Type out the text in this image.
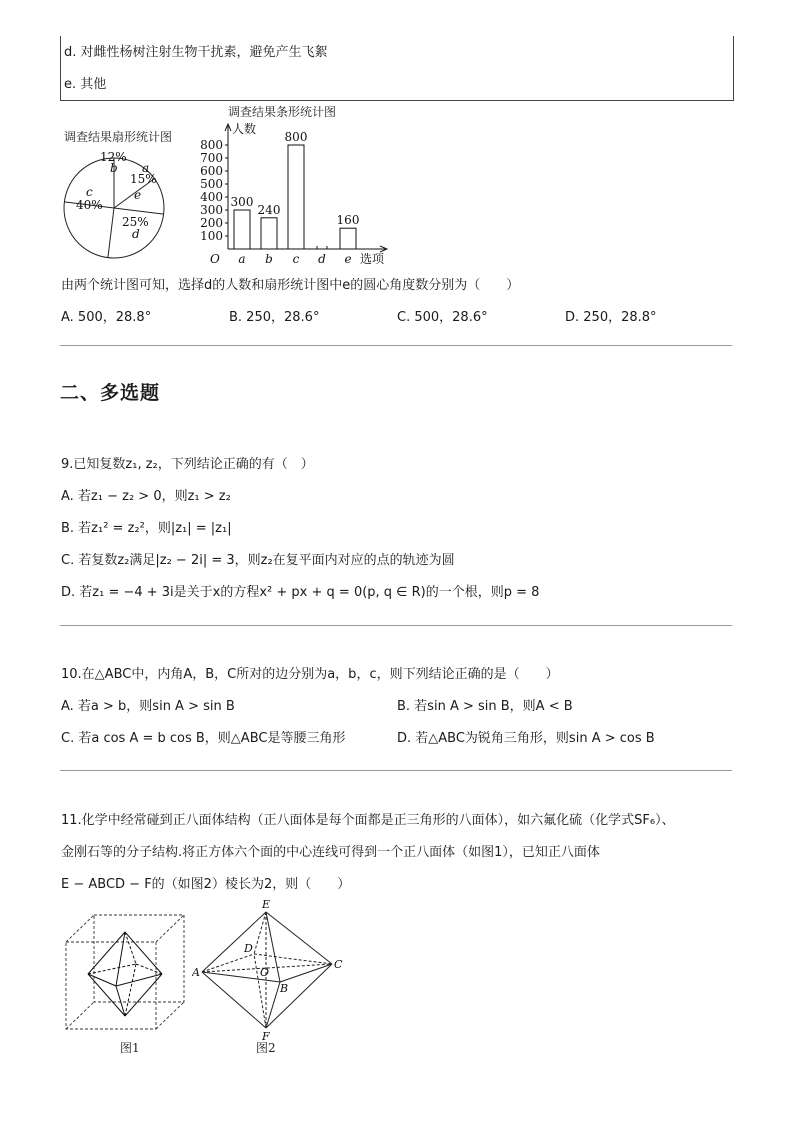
d. 对雌性杨树注射生物干扰素，避免产生飞絮
e. 其他
调查结果扇形统计图
a
15%
b
12%
c
40%
d
25%
e
调查结果条形统计图
人数
选项
O
100
200
300
400
500
600
700
800
a
300
b
240
c
800
d e
160
由两个统计图可知，选择d的人数和扇形统计图中e的圆心角度数分别为（　　）
A. 500，28.8°	B. 250，28.6°	C. 500，28.6°	D. 250，28.8°
二、多选题
9.已知复数z₁, z₂，下列结论正确的有（　）
A. 若z₁ − z₂ > 0，则z₁ > z₂
B. 若z₁² = z₂²，则|z₁| = |z₁|
C. 若复数z₂满足|z₂ − 2i| = 3，则z₂在复平面内对应的点的轨迹为圆
D. 若z₁ = −4 + 3i是关于x的方程x² + px + q = 0(p, q ∈ R)的一个根，则p = 8
10.在△ABC中，内角A，B，C所对的边分别为a，b，c，则下列结论正确的是（　　）
A. 若a > b，则sin A > sin B	B. 若sin A > sin B，则A < B
C. 若a cos A = b cos B，则△ABC是等腰三角形	D. 若△ABC为锐角三角形，则sin A > cos B
11.化学中经常碰到正八面体结构（正八面体是每个面都是正三角形的八面体），如六氟化硫（化学式SF₆）、
金刚石等的分子结构.将正方体六个面的中心连线可得到一个正八面体（如图1），已知正八面体
E − ABCD − F的（如图2）棱长为2，则（　　）
图1
E
A
C
D
O
B
F
图2
